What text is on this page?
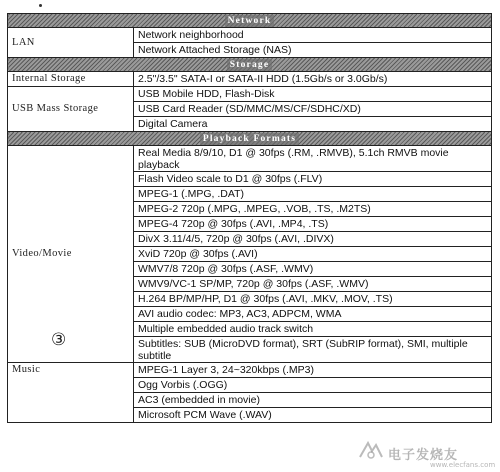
Network	
LAN	Network neighborhood
	Network Attached Storage (NAS)
Storage	
Internal Storage	2.5"/3.5" SATA-I or SATA-II HDD (1.5Gb/s or 3.0Gb/s)
USB Mass Storage	USB Mobile HDD, Flash-Disk
	USB Card Reader (SD/MMC/MS/CF/SDHC/XD)
	Digital Camera
Playback Formats	
Video/Movie	Real Media 8/9/10, D1 @ 30fps (.RM, .RMVB), 5.1ch RMVB movie playback
	Flash Video scale to D1 @ 30fps (.FLV)
	MPEG-1 (.MPG, .DAT)
	MPEG-2 720p (.MPG, .MPEG, .VOB, .TS, .M2TS)
	MPEG-4 720p @ 30fps (.AVI, .MP4, .TS)
	DivX 3.11/4/5, 720p @ 30fps (.AVI, .DIVX)
	XviD 720p @ 30fps (.AVI)
	WMV7/8 720p @ 30fps (.ASF, .WMV)
	WMV9/VC-1 SP/MP, 720p @ 30fps (.ASF, .WMV)
	H.264 BP/MP/HP, D1 @ 30fps (.AVI, .MKV, .MOV, .TS)
	AVI audio codec: MP3, AC3, ADPCM, WMA
	Multiple embedded audio track switch
	Subtitles: SUB (MicroDVD format), SRT (SubRIP format), SMI, multiple subtitle
Music	MPEG-1 Layer 3, 24~320kbps (.MP3)
	Ogg Vorbis (.OGG)
	AC3 (embedded in movie)
	Microsoft PCM Wave (.WAV)
③
电子发烧友
www.elecfans.com
